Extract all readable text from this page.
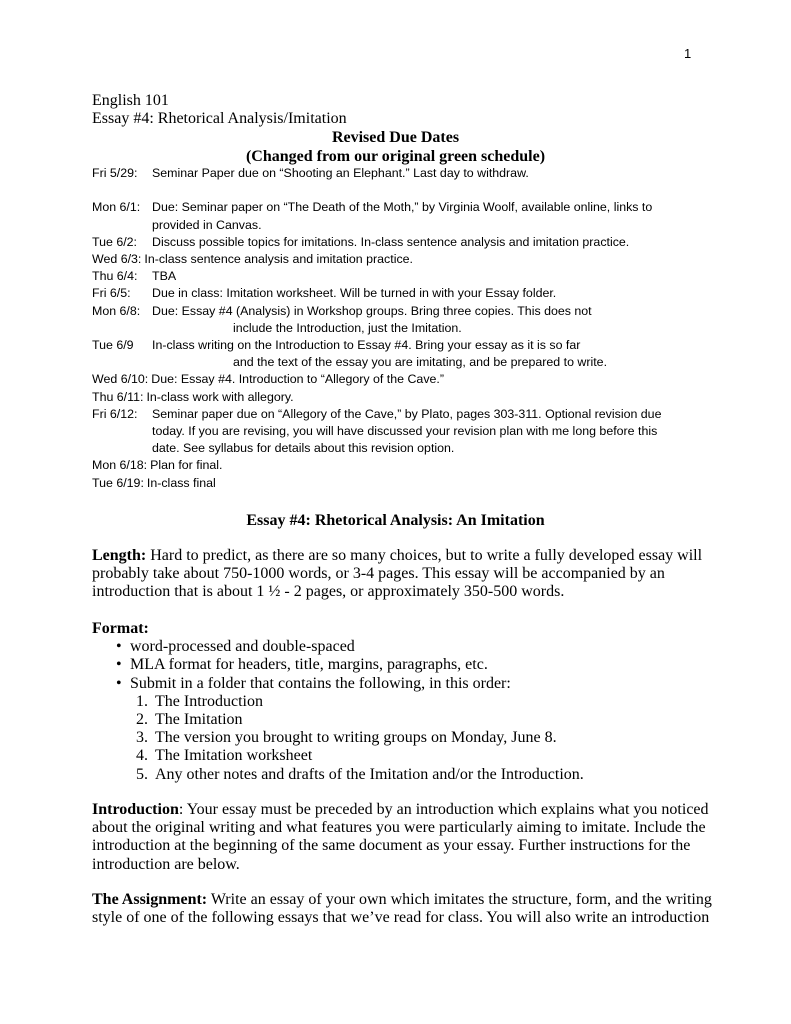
1
English 101
Essay #4: Rhetorical Analysis/Imitation
Revised Due Dates
(Changed from our original green schedule)
Fri 5/29:	Seminar Paper due on “Shooting an Elephant.” Last day to withdraw.
Mon 6/1: Due: Seminar paper on “The Death of the Moth,” by Virginia Woolf, available online, links to
provided in Canvas.
Tue 6/2:	Discuss possible topics for imitations. In-class sentence analysis and imitation practice.
Wed 6/3: In-class sentence analysis and imitation practice.
Thu 6/4:	TBA
Fri 6/5:	Due in class: Imitation worksheet. Will be turned in with your Essay folder.
Mon 6/8: Due: Essay #4 (Analysis) in Workshop groups. Bring three copies. This does not
include the Introduction, just the Imitation.
Tue 6/9	In-class writing on the Introduction to Essay #4. Bring your essay as it is so far
and the text of the essay you are imitating, and be prepared to write.
Wed 6/10: Due: Essay #4. Introduction to “Allegory of the Cave.”
Thu 6/11: In-class work with allegory.
Fri 6/12:	Seminar paper due on “Allegory of the Cave,” by Plato, pages 303-311. Optional revision due
today. If you are revising, you will have discussed your revision plan with me long before this
date. See syllabus for details about this revision option.
Mon 6/18: Plan for final.
Tue 6/19: In-class final
Essay #4: Rhetorical Analysis: An Imitation
Length: Hard to predict, as there are so many choices, but to write a fully developed essay will
probably take about 750-1000 words, or 3-4 pages. This essay will be accompanied by an
introduction that is about 1 ½ - 2 pages, or approximately 350-500 words.
Format:
• word-processed and double-spaced
• MLA format for headers, title, margins, paragraphs, etc.
• Submit in a folder that contains the following, in this order:
1. The Introduction
2. The Imitation
3. The version you brought to writing groups on Monday, June 8.
4. The Imitation worksheet
5. Any other notes and drafts of the Imitation and/or the Introduction.
Introduction: Your essay must be preceded by an introduction which explains what you noticed
about the original writing and what features you were particularly aiming to imitate. Include the
introduction at the beginning of the same document as your essay. Further instructions for the
introduction are below.
The Assignment: Write an essay of your own which imitates the structure, form, and the writing
style of one of the following essays that we’ve read for class. You will also write an introduction
